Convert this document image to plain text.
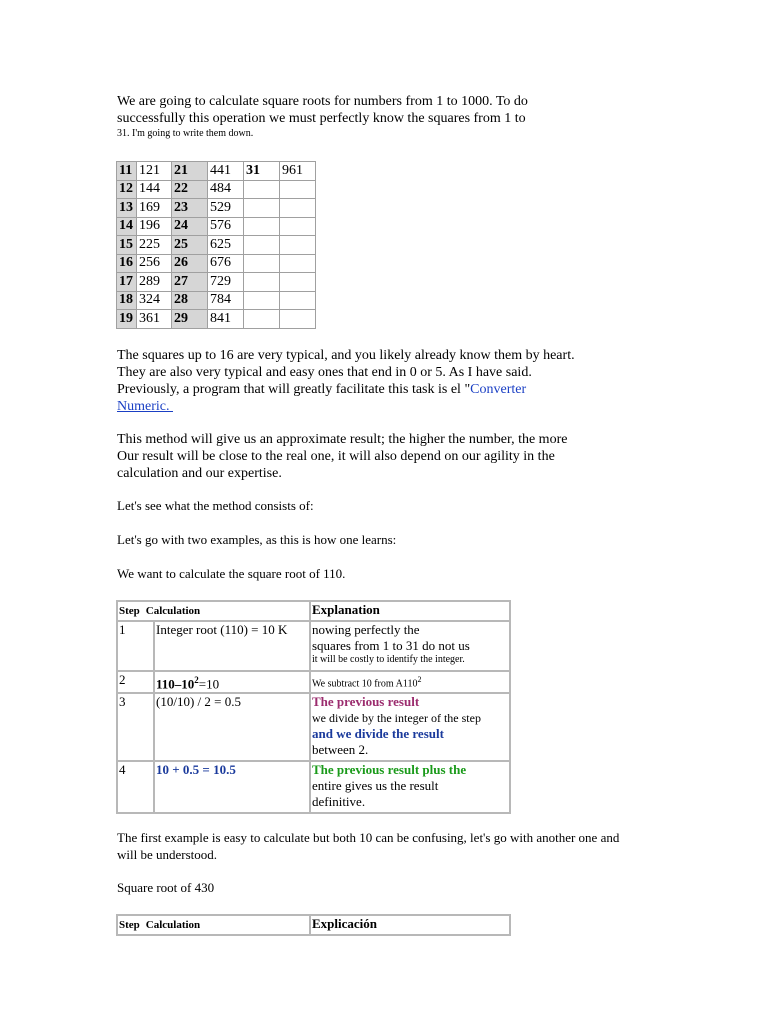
We are going to calculate square roots for numbers from 1 to 1000. To do
successfully this operation we must perfectly know the squares from 1 to
31. I'm going to write them down.
11	121	21	441	31	961
12	144	22	484		
13	169	23	529		
14	196	24	576		
15	225	25	625		
16	256	26	676		
17	289	27	729		
18	324	28	784		
19	361	29	841		
The squares up to 16 are very typical, and you likely already know them by heart.
They are also very typical and easy ones that end in 0 or 5. As I have said.
Previously, a program that will greatly facilitate this task is el "Converter
Numeric.
This method will give us an approximate result; the higher the number, the more
Our result will be close to the real one, it will also depend on our agility in the
calculation and our expertise.
Let's see what the method consists of:
Let's go with two examples, as this is how one learns:
We want to calculate the square root of 110.
Step Calculation		Explanation
1	Integer root (110) = 10 K	nowing perfectly the
squares from 1 to 31 do not us
it will be costly to identify the integer.

2	$110-10^2=10$	We subtract 10 from $A110^2$
3	(10/10) / 2 = 0.5	The previous result
we divide by the integer of the step
and we divide the result
between 2.

4	10 + 0.5 = 10.5	The previous result plus the
entire gives us the result
definitive.
The first example is easy to calculate but both 10 can be confusing, let's go with another one and
will be understood.
Square root of 430
Step Calculation	Explicación
